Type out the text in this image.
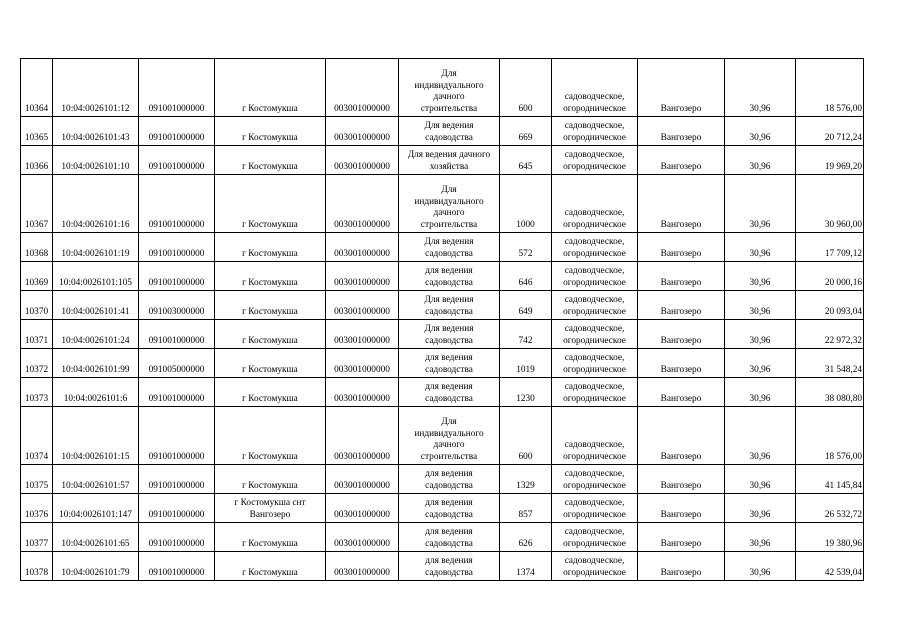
10364	10:04:0026101:12	091001000000	г Костомукша	003001000000	Для
индивидуального
дачного
строительства	600	садоводческое,
огородническое	Вангозеро	30,96	18 576,00
10365	10:04:0026101:43	091001000000	г Костомукша	003001000000	Для ведения
садоводства	669	садоводческое,
огородническое	Вангозеро	30,96	20 712,24
10366	10:04:0026101:10	091001000000	г Костомукша	003001000000	Для ведения дачного
хозяйства	645	садоводческое,
огородническое	Вангозеро	30,96	19 969,20
10367	10:04:0026101:16	091001000000	г Костомукша	003001000000	Для
индивидуального
дачного
строительства	1000	садоводческое,
огородническое	Вангозеро	30,96	30 960,00
10368	10:04:0026101:19	091001000000	г Костомукша	003001000000	Для ведения
садоводства	572	садоводческое,
огородническое	Вангозеро	30,96	17 709,12
10369	10:04:0026101:105	091001000000	г Костомукша	003001000000	для ведения
садоводства	646	садоводческое,
огородническое	Вангозеро	30,96	20 000,16
10370	10:04:0026101:41	091003000000	г Костомукша	003001000000	Для ведения
садоводства	649	садоводческое,
огородническое	Вангозеро	30,96	20 093,04
10371	10:04:0026101:24	091001000000	г Костомукша	003001000000	Для ведения
садоводства	742	садоводческое,
огородническое	Вангозеро	30,96	22 972,32
10372	10:04:0026101:99	091005000000	г Костомукша	003001000000	для ведения
садоводства	1019	садоводческое,
огородническое	Вангозеро	30,96	31 548,24
10373	10:04:0026101:6	091001000000	г Костомукша	003001000000	для ведения
садоводства	1230	садоводческое,
огородническое	Вангозеро	30,96	38 080,80
10374	10:04:0026101:15	091001000000	г Костомукша	003001000000	Для
индивидуального
дачного
строительства	600	садоводческое,
огородническое	Вангозеро	30,96	18 576,00
10375	10:04:0026101:57	091001000000	г Костомукша	003001000000	для ведения
садоводства	1329	садоводческое,
огородническое	Вангозеро	30,96	41 145,84
10376	10:04:0026101:147	091001000000	г Костомукша снт
Вангозеро	003001000000	для ведения
садоводства	857	садоводческое,
огородническое	Вангозеро	30,96	26 532,72
10377	10:04:0026101:65	091001000000	г Костомукша	003001000000	для ведения
садоводства	626	садоводческое,
огородническое	Вангозеро	30,96	19 380,96
10378	10:04:0026101:79	091001000000	г Костомукша	003001000000	для ведения
садоводства	1374	садоводческое,
огородническое	Вангозеро	30,96	42 539,04
